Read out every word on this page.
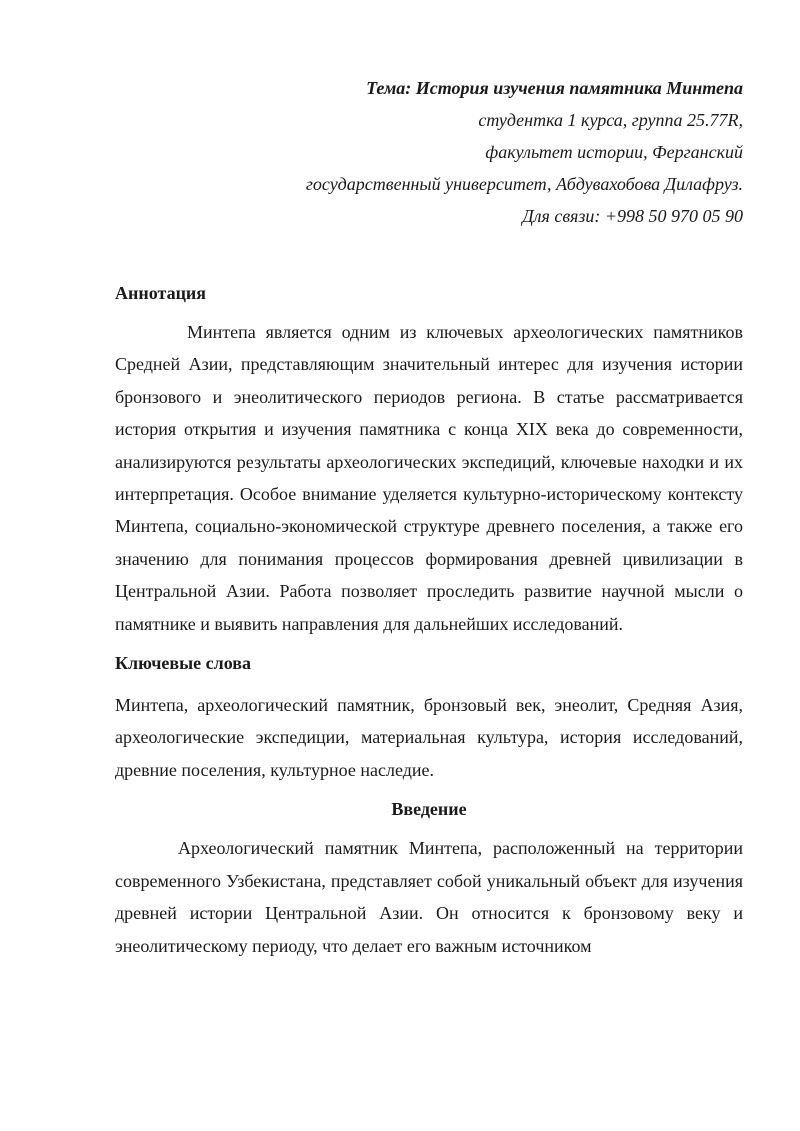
Тема: История изучения памятника Минтепа

студентка 1 курса, группа 25.77R,

факультет истории, Ферганский

государственный университет, Абдувахобова Дилафруз.

Для связи: +998 50 970 05 90

Аннотация

Минтепа является одним из ключевых археологических памятников Средней Азии, представляющим значительный интерес для изучения истории бронзового и энеолитического периодов региона. В статье рассматривается история открытия и изучения памятника с конца XIX века до современности, анализируются результаты археологических экспедиций, ключевые находки и их интерпретация. Особое внимание уделяется культурно-историческому контексту Минтепа, социально-экономической структуре древнего поселения, а также его значению для понимания процессов формирования древней цивилизации в Центральной Азии. Работа позволяет проследить развитие научной мысли о памятнике и выявить направления для дальнейших исследований.

Ключевые слова

Минтепа, археологический памятник, бронзовый век, энеолит, Средняя Азия, археологические экспедиции, материальная культура, история исследований, древние поселения, культурное наследие.

Введение

Археологический памятник Минтепа, расположенный на территории современного Узбекистана, представляет собой уникальный объект для изучения древней истории Центральной Азии. Он относится к бронзовому веку и энеолитическому периоду, что делает его важным источником
